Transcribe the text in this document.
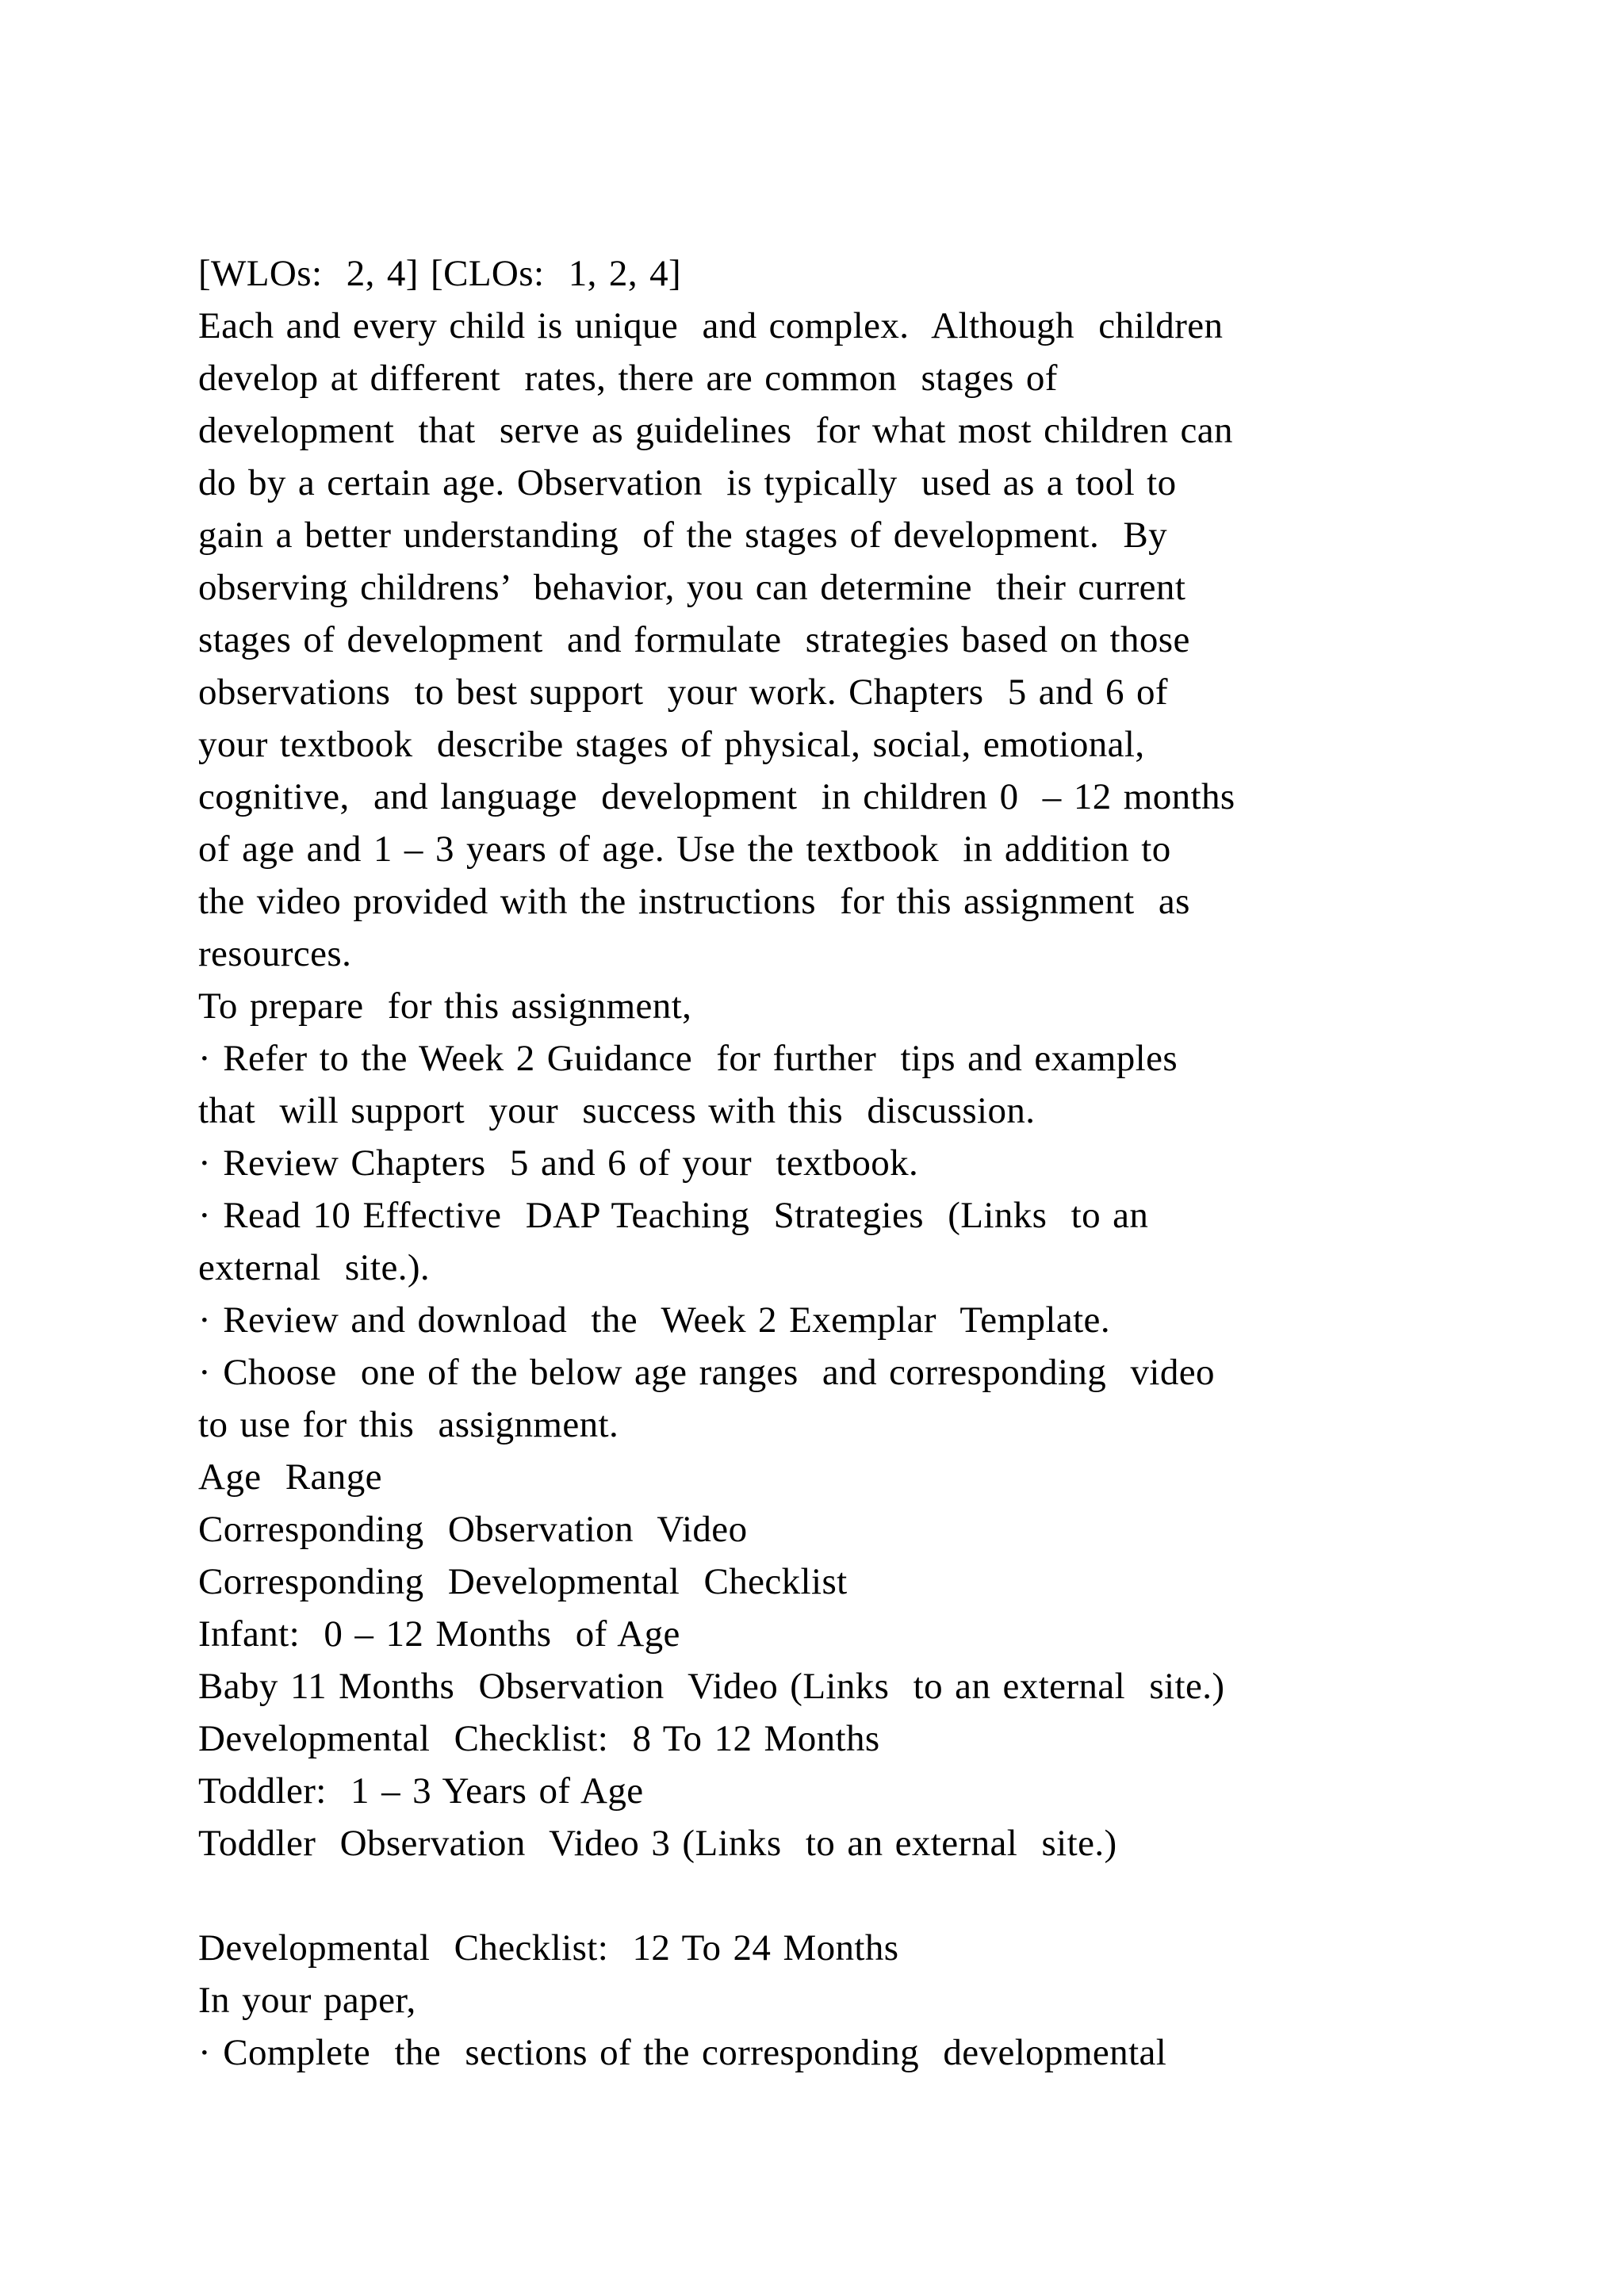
[WLOs:  2, 4] [CLOs:  1, 2, 4]
Each and every child is unique  and complex.  Although  children
develop at different  rates, there are common  stages of
development  that  serve as guidelines  for what most children can
do by a certain age. Observation  is typically  used as a tool to
gain a better understanding  of the stages of development.  By
observing childrens’  behavior, you can determine  their current
stages of development  and formulate  strategies based on those
observations  to best support  your work. Chapters  5 and 6 of
your textbook  describe stages of physical, social, emotional,
cognitive,  and language  development  in children 0  – 12 months
of age and 1 – 3 years of age. Use the textbook  in addition to
the video provided with the instructions  for this assignment  as
resources.
To prepare  for this assignment,
· Refer to the Week 2 Guidance  for further  tips and examples
that  will support  your  success with this  discussion.
· Review Chapters  5 and 6 of your  textbook.
· Read 10 Effective  DAP Teaching  Strategies  (Links  to an
external  site.).
· Review and download  the  Week 2 Exemplar  Template.
· Choose  one of the below age ranges  and corresponding  video
to use for this  assignment.
Age  Range
Corresponding  Observation  Video
Corresponding  Developmental  Checklist
Infant:  0 – 12 Months  of Age
Baby 11 Months  Observation  Video (Links  to an external  site.)
Developmental  Checklist:  8 To 12 Months
Toddler:  1 – 3 Years of Age
Toddler  Observation  Video 3 (Links  to an external  site.)
Developmental  Checklist:  12 To 24 Months
In your paper,
· Complete  the  sections of the corresponding  developmental
